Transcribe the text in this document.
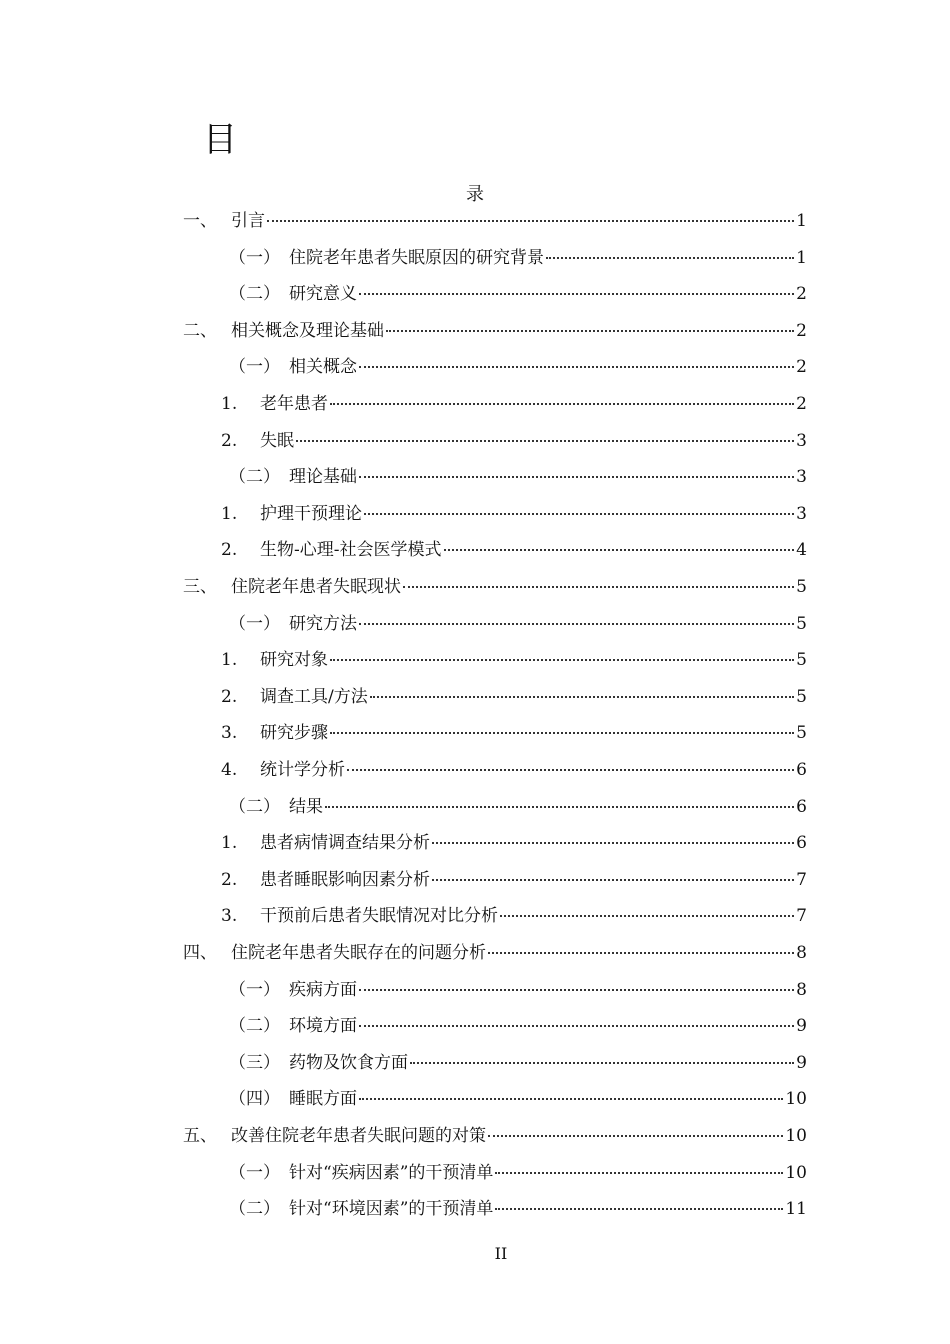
目
录
一、 引言	1
（一） 住院老年患者失眠原因的研究背景	1
（二） 研究意义	2
二、 相关概念及理论基础	2
（一） 相关概念	2
1.	老年患者	2
2.	失眠	3
（二） 理论基础	3
1.	护理干预理论	3
2.	生物-心理-社会医学模式	4
三、 住院老年患者失眠现状	5
（一） 研究方法	5
1.	研究对象	5
2.	调查工具/方法	5
3.	研究步骤	5
4.	统计学分析	6
（二） 结果	6
1.	患者病情调查结果分析	6
2.	患者睡眠影响因素分析	7
3.	干预前后患者失眠情况对比分析	7
四、 住院老年患者失眠存在的问题分析	8
（一） 疾病方面	8
（二） 环境方面	9
（三） 药物及饮食方面	9
（四） 睡眠方面	10
五、 改善住院老年患者失眠问题的对策	10
（一） 针对“疾病因素”的干预清单	10
（二） 针对“环境因素”的干预清单	11
II
